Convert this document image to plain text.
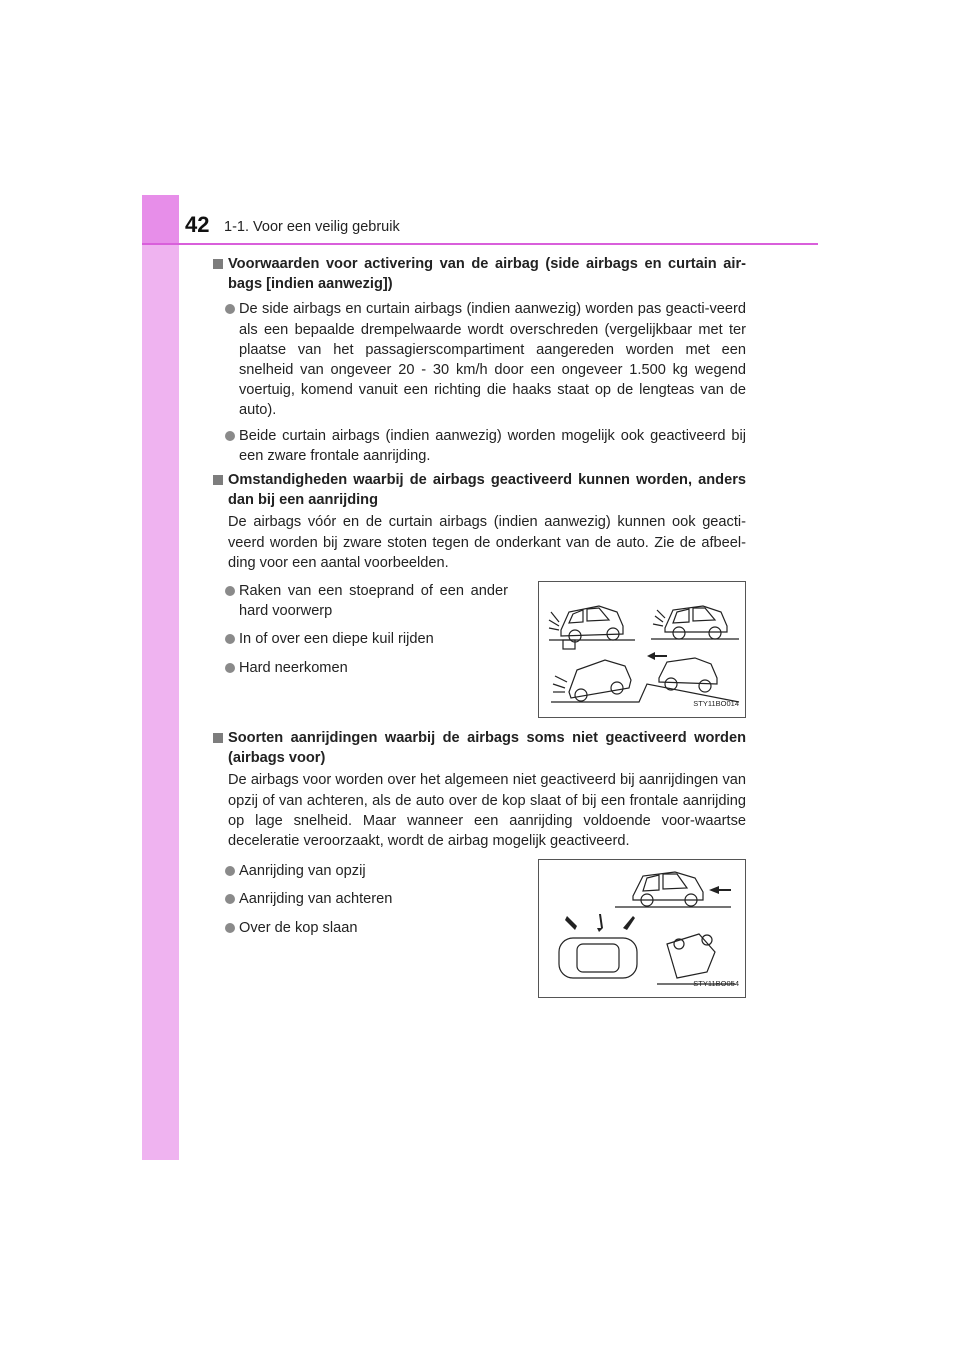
42 1-1. Voor een veilig gebruik
Voorwaarden voor activering van de airbag (side airbags en curtain air-bags [indien aanwezig])
De side airbags en curtain airbags (indien aanwezig) worden pas geacti-veerd als een bepaalde drempelwaarde wordt overschreden (vergelijkbaar met ter plaatse van het passagierscompartiment aangereden worden met een snelheid van ongeveer 20 - 30 km/h door een ongeveer 1.500 kg wegend voertuig, komend vanuit een richting die haaks staat op de lengteas van de auto).
Beide curtain airbags (indien aanwezig) worden mogelijk ook geactiveerd bij een zware frontale aanrijding.
Omstandigheden waarbij de airbags geactiveerd kunnen worden, anders dan bij een aanrijding
De airbags vóór en de curtain airbags (indien aanwezig) kunnen ook geacti-veerd worden bij zware stoten tegen de onderkant van de auto. Zie de afbeel-ding voor een aantal voorbeelden.
Raken van een stoeprand of een ander hard voorwerp
In of over een diepe kuil rijden
Hard neerkomen
STY11BO014
Soorten aanrijdingen waarbij de airbags soms niet geactiveerd worden (airbags voor)
De airbags voor worden over het algemeen niet geactiveerd bij aanrijdingen van opzij of van achteren, als de auto over de kop slaat of bij een frontale aanrijding op lage snelheid. Maar wanneer een aanrijding voldoende voor-waartse deceleratie veroorzaakt, wordt de airbag mogelijk geactiveerd.
Aanrijding van opzij
Aanrijding van achteren
Over de kop slaan
STY11BO054
